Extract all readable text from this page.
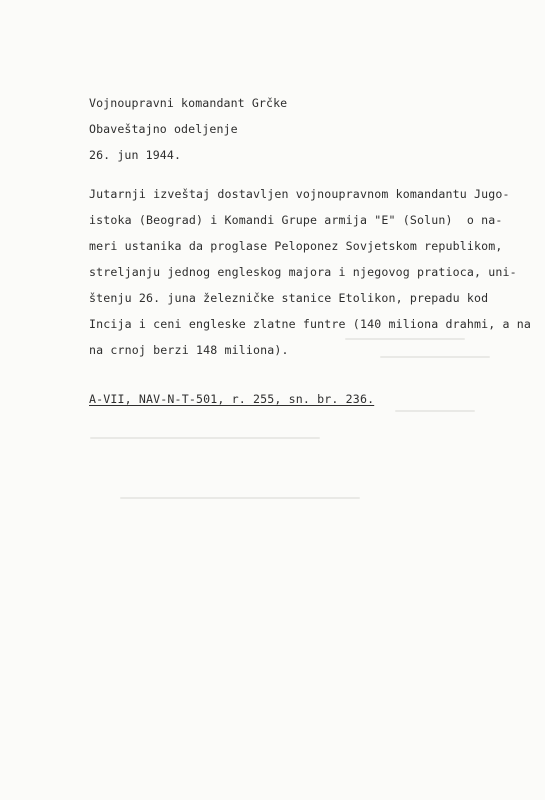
Vojnoupravni komandant Grčke

Obaveštajno odeljenje

26. jun 1944.

Jutarnji izveštaj dostavljen vojnoupravnom komandantu Jugo-

istoka (Beograd) i Komandi Grupe armija "E" (Solun)  o na-

meri ustanika da proglase Peloponez Sovjetskom republikom,

streljanju jednog engleskog majora i njegovog pratioca, uni-

štenju 26. juna železničke stanice Etolikon, prepadu kod

Incija i ceni engleske zlatne funtre (140 miliona drahmi, a na

na crnoj berzi 148 miliona).

A-VII, NAV-N-T-501, r. 255, sn. br. 236.
